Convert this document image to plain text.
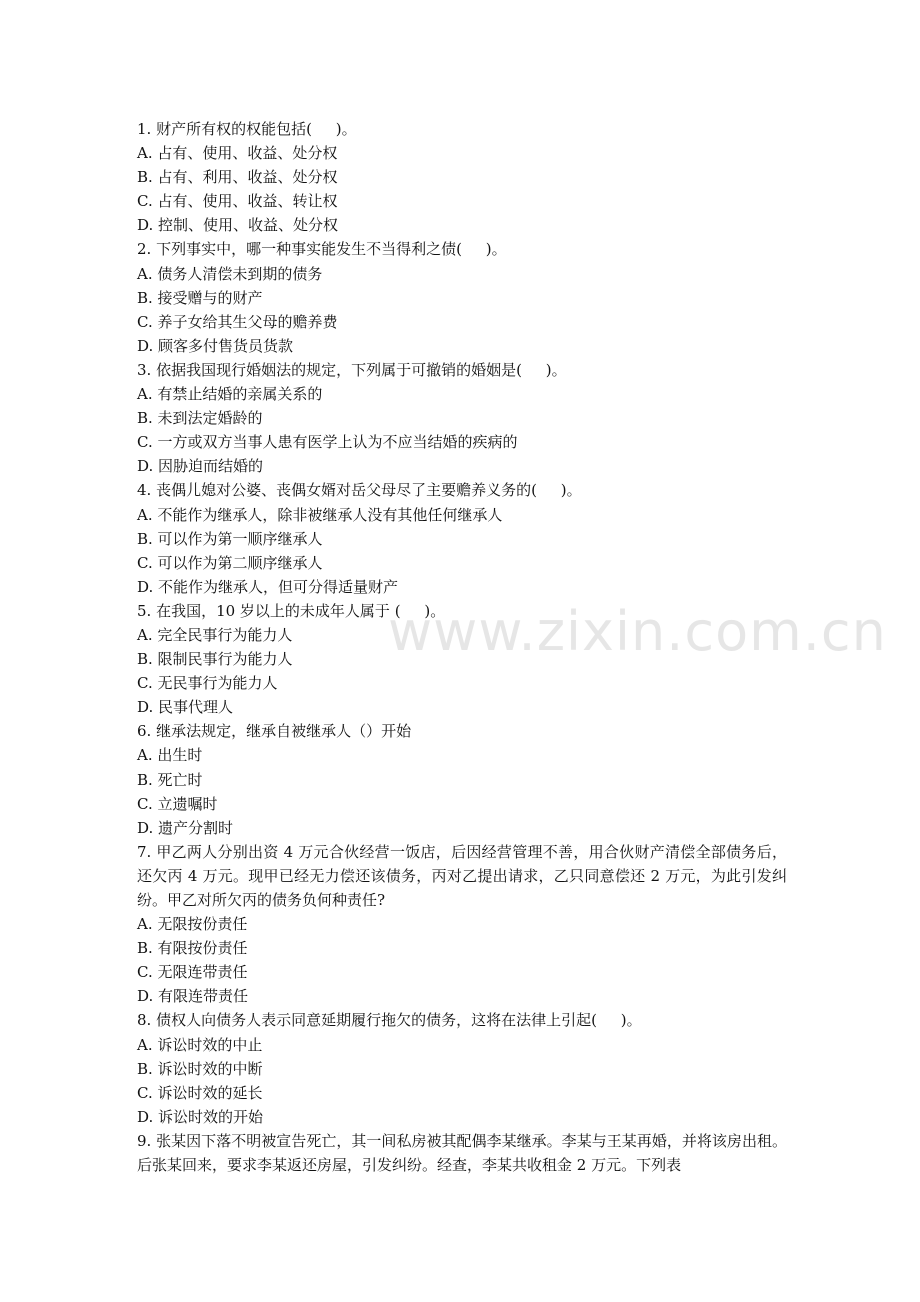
www.zixin.com.cn
1. 财产所有权的权能包括(     )。
A. 占有、使用、收益、处分权
B. 占有、利用、收益、处分权
C. 占有、使用、收益、转让权
D. 控制、使用、收益、处分权
2. 下列事实中，哪一种事实能发生不当得利之债(     )。
A. 债务人清偿未到期的债务
B. 接受赠与的财产
C. 养子女给其生父母的赡养费
D. 顾客多付售货员货款
3. 依据我国现行婚姻法的规定，下列属于可撤销的婚姻是(     )。
A. 有禁止结婚的亲属关系的
B. 未到法定婚龄的
C. 一方或双方当事人患有医学上认为不应当结婚的疾病的
D. 因胁迫而结婚的
4. 丧偶儿媳对公婆、丧偶女婿对岳父母尽了主要赡养义务的(     )。
A. 不能作为继承人，除非被继承人没有其他任何继承人
B. 可以作为第一顺序继承人
C. 可以作为第二顺序继承人
D. 不能作为继承人，但可分得适量财产
5. 在我国，10 岁以上的未成年人属于 (     )。
A. 完全民事行为能力人
B. 限制民事行为能力人
C. 无民事行为能力人
D. 民事代理人
6. 继承法规定，继承自被继承人（）开始
A. 出生时
B. 死亡时
C. 立遗嘱时
D. 遗产分割时
7. 甲乙两人分别出资 4 万元合伙经营一饭店，后因经营管理不善，用合伙财产清偿全部债务后，还欠丙 4 万元。现甲已经无力偿还该债务，丙对乙提出请求，乙只同意偿还 2 万元，为此引发纠纷。甲乙对所欠丙的债务负何种责任?
A. 无限按份责任
B. 有限按份责任
C. 无限连带责任
D. 有限连带责任
8. 债权人向债务人表示同意延期履行拖欠的债务，这将在法律上引起(     )。
A. 诉讼时效的中止
B. 诉讼时效的中断
C. 诉讼时效的延长
D. 诉讼时效的开始
9. 张某因下落不明被宣告死亡，其一间私房被其配偶李某继承。李某与王某再婚，并将该房出租。后张某回来，要求李某返还房屋，引发纠纷。经查，李某共收租金 2 万元。下列表
